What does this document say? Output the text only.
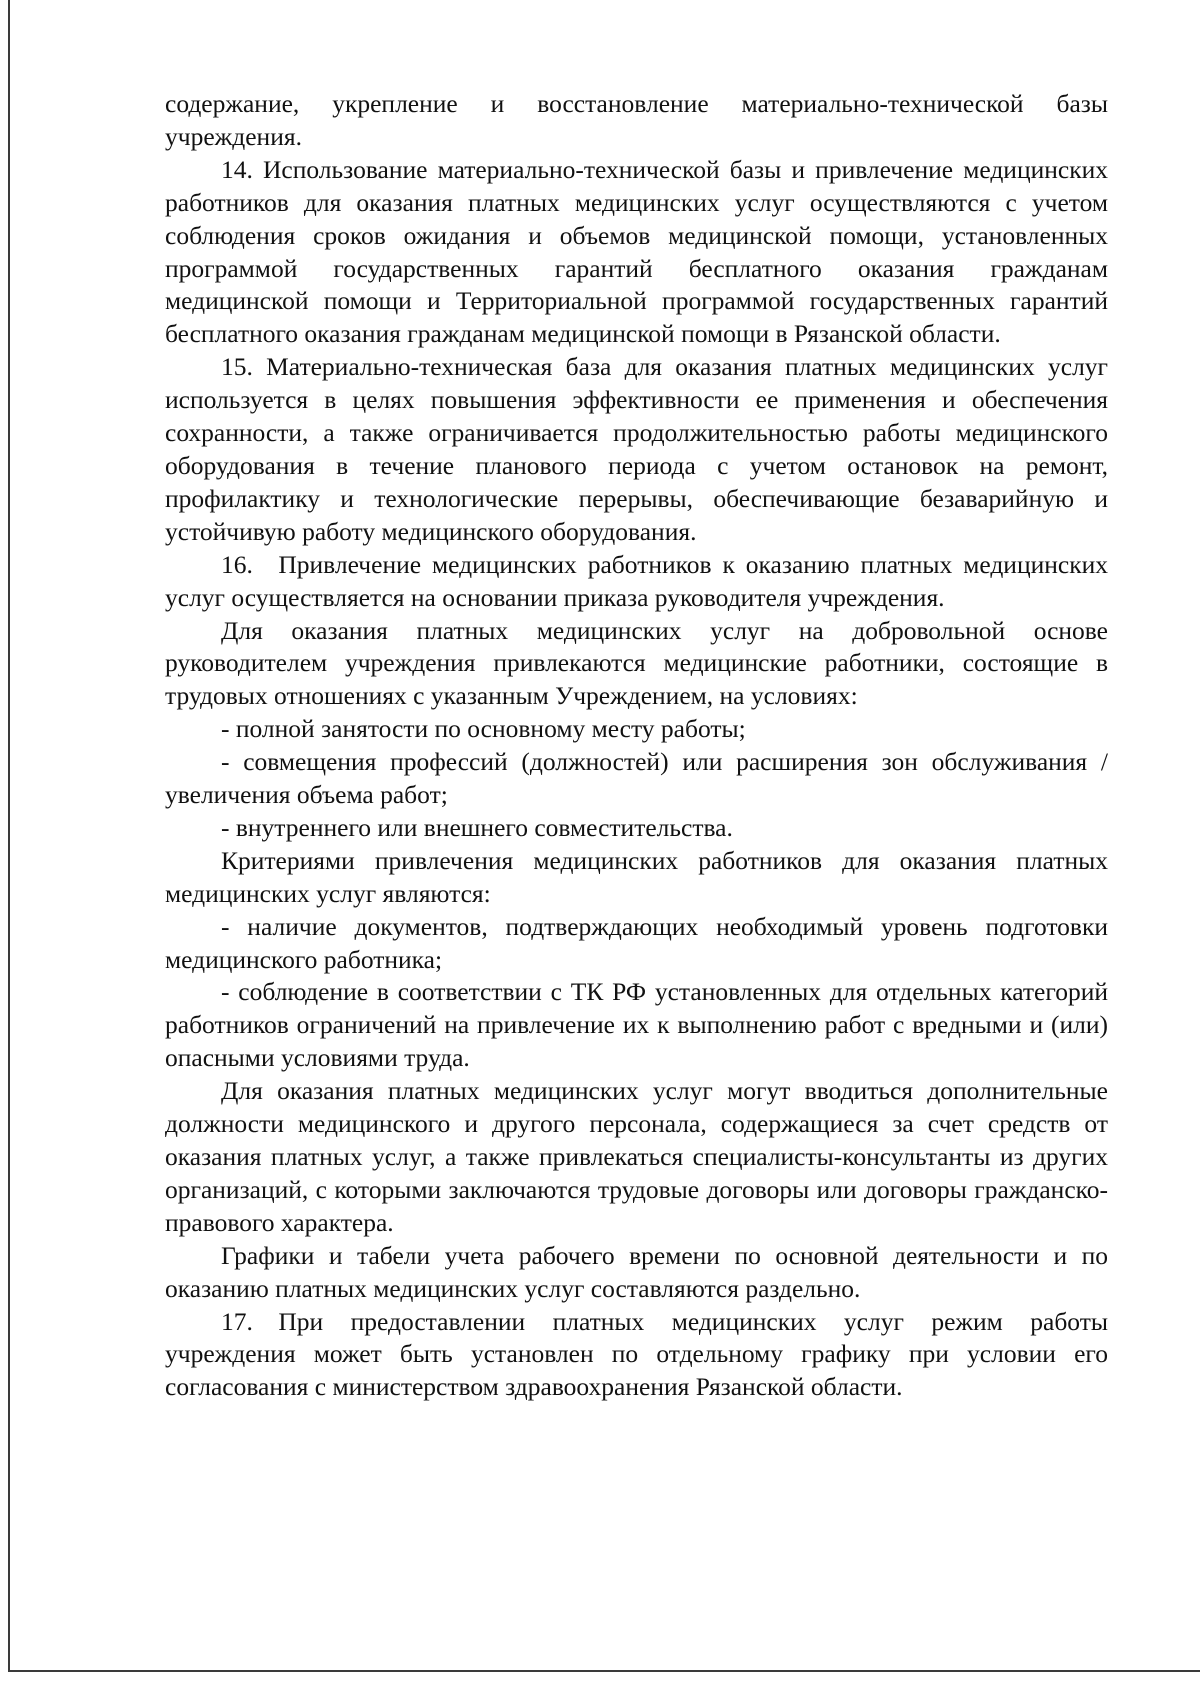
содержание, укрепление и восстановление материально-технической базы учреждения.

14. Использование материально-технической базы и привлечение медицинских работников для оказания платных медицинских услуг осуществляются с учетом соблюдения сроков ожидания и объемов медицинской помощи, установленных программой государственных гарантий бесплатного оказания гражданам медицинской помощи и Территориальной программой государственных гарантий бесплатного оказания гражданам медицинской помощи в Рязанской области.

15. Материально-техническая база для оказания платных медицинских услуг используется в целях повышения эффективности ее применения и обеспечения сохранности, а также ограничивается продолжительностью работы медицинского оборудования в течение планового периода с учетом остановок на ремонт, профилактику и технологические перерывы, обеспечивающие безаварийную и устойчивую работу медицинского оборудования.

16. Привлечение медицинских работников к оказанию платных медицинских услуг осуществляется на основании приказа руководителя учреждения.

Для оказания платных медицинских услуг на добровольной основе руководителем учреждения привлекаются медицинские работники, состоящие в трудовых отношениях с указанным Учреждением, на условиях:

- полной занятости по основному месту работы;

- совмещения профессий (должностей) или расширения зон обслуживания / увеличения объема работ;

- внутреннего или внешнего совместительства.

Критериями привлечения медицинских работников для оказания платных медицинских услуг являются:

- наличие документов, подтверждающих необходимый уровень подготовки медицинского работника;

- соблюдение в соответствии с ТК РФ установленных для отдельных категорий работников ограничений на привлечение их к выполнению работ с вредными и (или) опасными условиями труда.

Для оказания платных медицинских услуг могут вводиться дополнительные должности медицинского и другого персонала, содержащиеся за счет средств от оказания платных услуг, а также привлекаться специалисты-консультанты из других организаций, с которыми заключаются трудовые договоры или договоры гражданско-правового характера.

Графики и табели учета рабочего времени по основной деятельности и по оказанию платных медицинских услуг составляются раздельно.

17. При предоставлении платных медицинских услуг режим работы учреждения может быть установлен по отдельному графику при условии его согласования с министерством здравоохранения Рязанской области.
